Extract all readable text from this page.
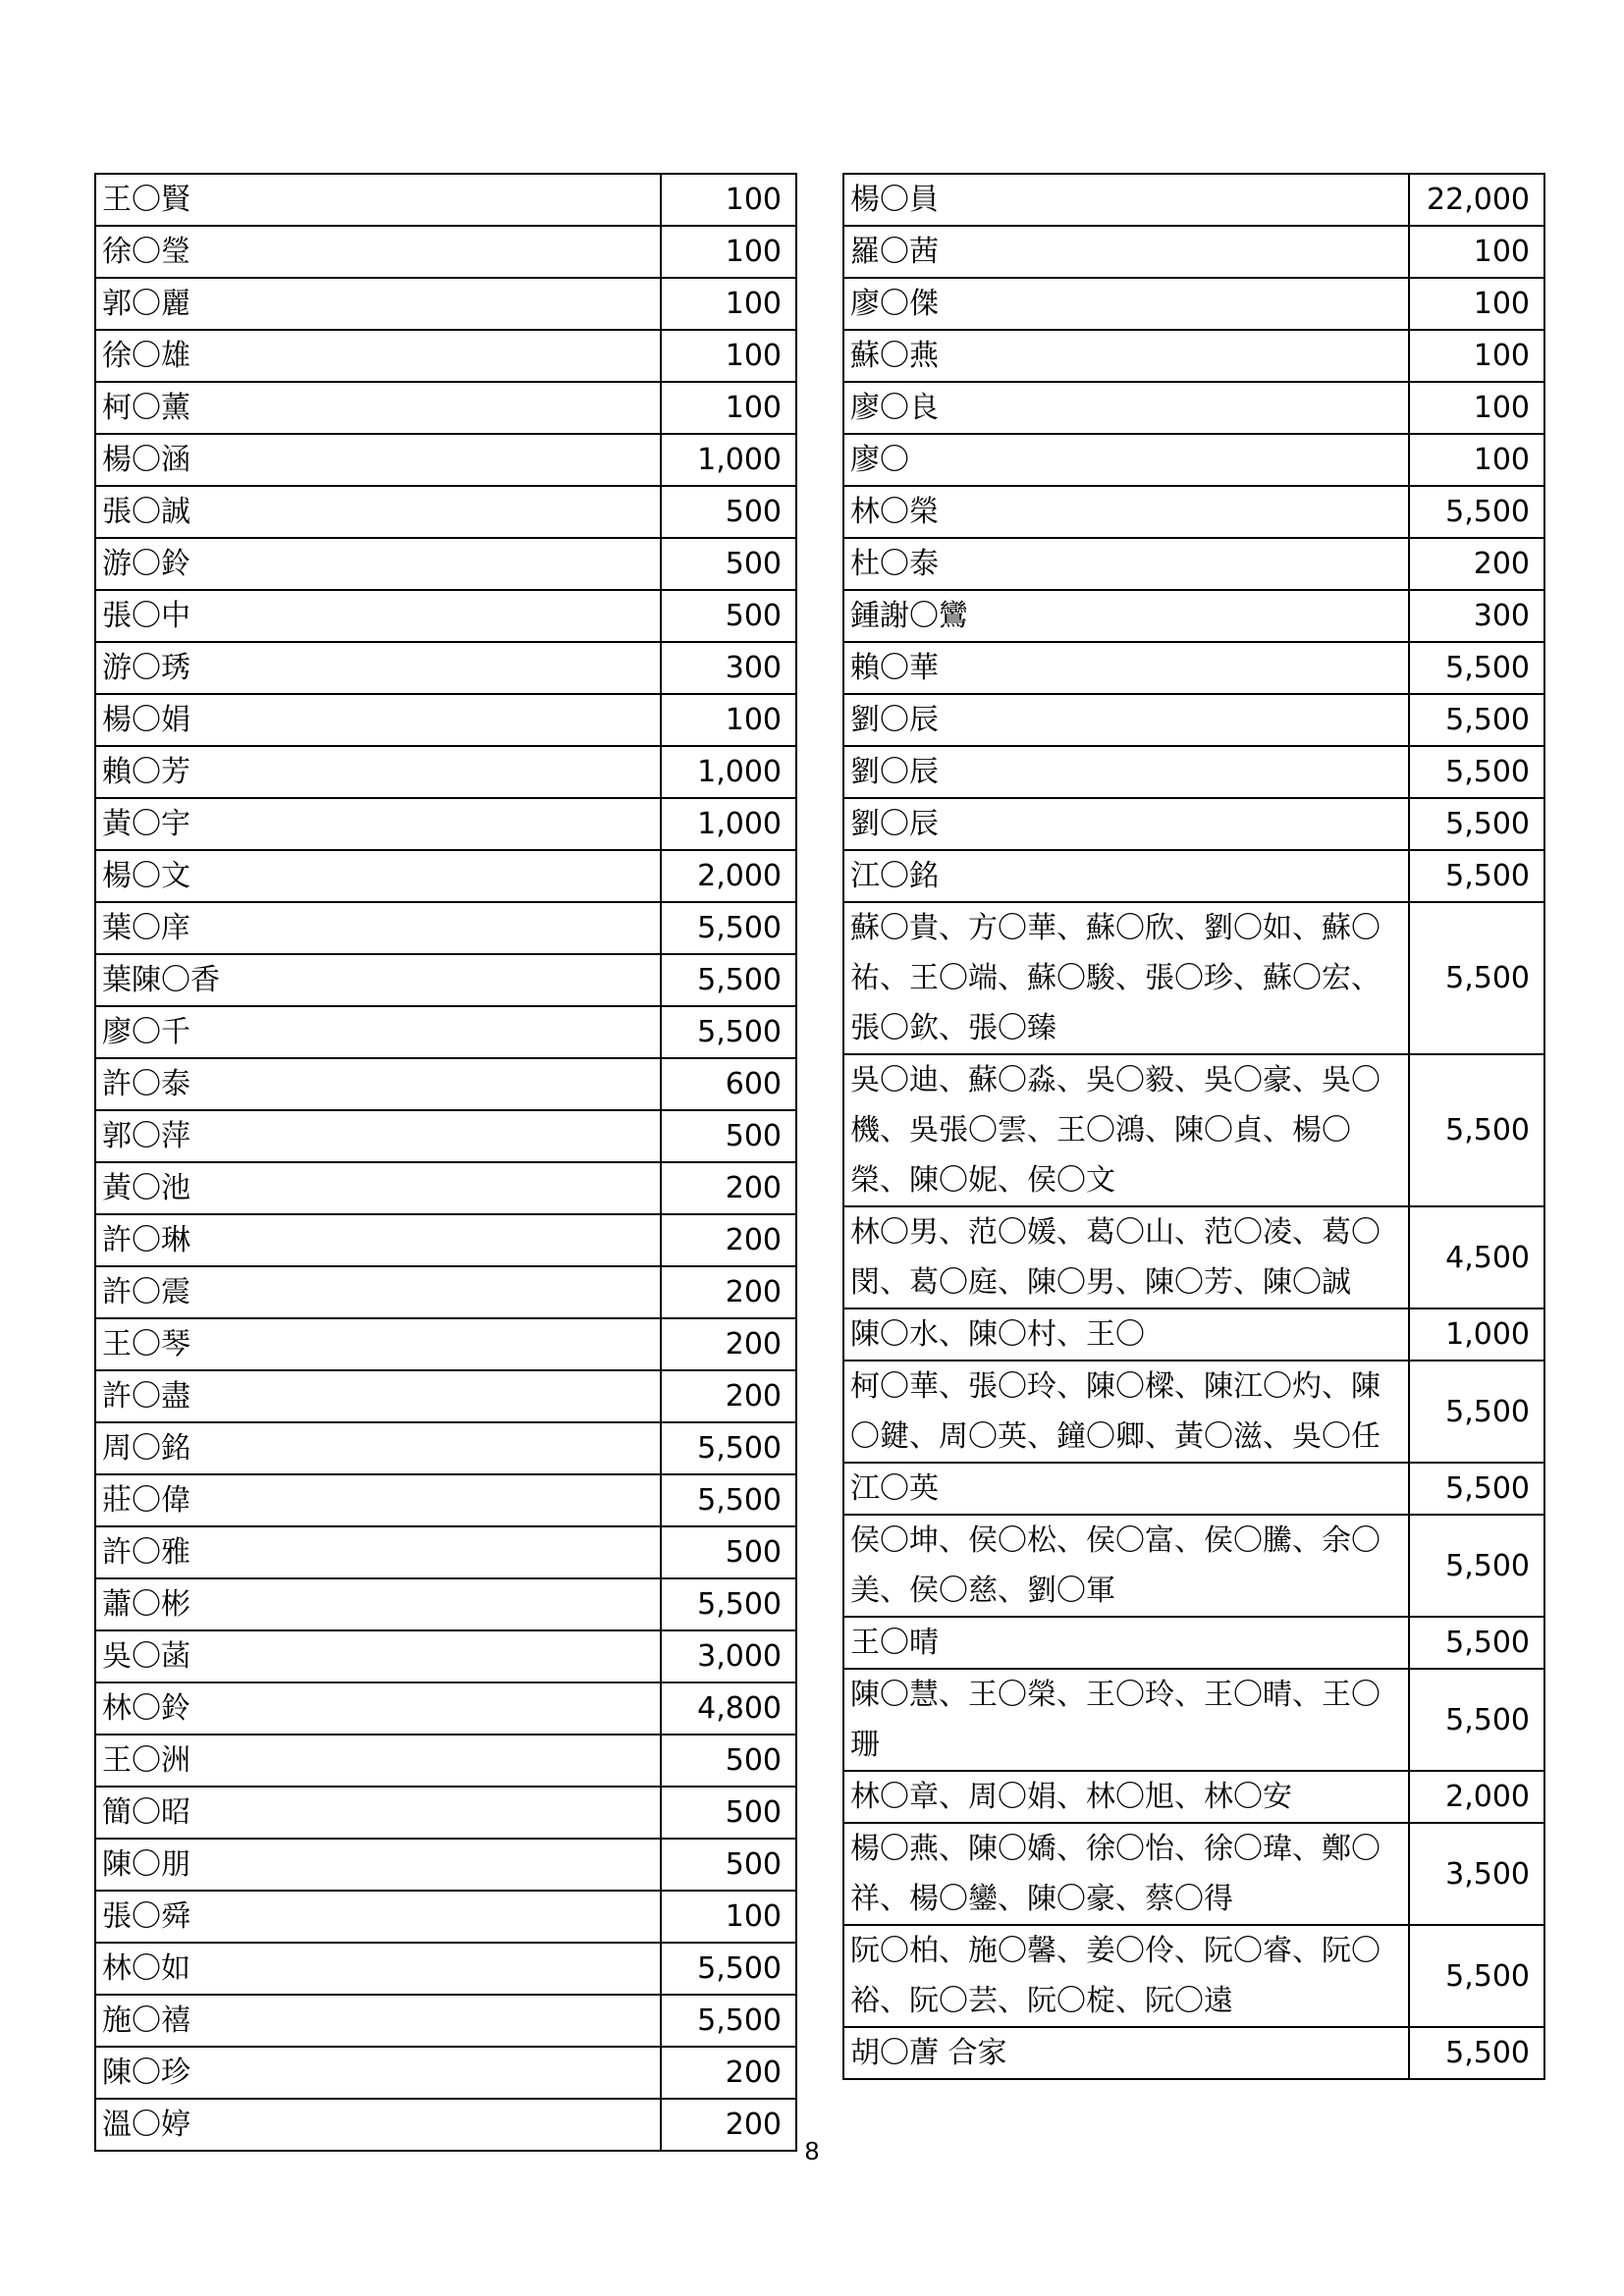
王〇賢	100
徐〇瑩	100
郭〇麗	100
徐〇雄	100
柯〇薰	100
楊〇涵	1,000
張〇誠	500
游〇鈴	500
張〇中	500
游〇琇	300
楊〇娟	100
賴〇芳	1,000
黃〇宇	1,000
楊〇文	2,000
葉〇庠	5,500
葉陳〇香	5,500
廖〇千	5,500
許〇泰	600
郭〇萍	500
黃〇池	200
許〇琳	200
許〇震	200
王〇琴	200
許〇盡	200
周〇銘	5,500
莊〇偉	5,500
許〇雅	500
蕭〇彬	5,500
吳〇菡	3,000
林〇鈴	4,800
王〇洲	500
簡〇昭	500
陳〇朋	500
張〇舜	100
林〇如	5,500
施〇禧	5,500
陳〇珍	200
溫〇婷	200
楊〇員	22,000
羅〇茜	100
廖〇傑	100
蘇〇燕	100
廖〇良	100
廖〇	100
林〇榮	5,500
杜〇泰	200
鍾謝〇鸞	300
賴〇華	5,500
劉〇辰	5,500
劉〇辰	5,500
劉〇辰	5,500
江〇銘	5,500
蘇〇貴、方〇華、蘇〇欣、劉〇如、蘇〇祐、王〇端、蘇〇駿、張〇珍、蘇〇宏、張〇欽、張〇臻	5,500
吳〇迪、蘇〇淼、吳〇毅、吳〇豪、吳〇機、吳張〇雲、王〇鴻、陳〇貞、楊〇榮、陳〇妮、侯〇文	5,500
林〇男、范〇媛、葛〇山、范〇凌、葛〇閔、葛〇庭、陳〇男、陳〇芳、陳〇誠	4,500
陳〇水、陳〇村、王〇	1,000
柯〇華、張〇玲、陳〇樑、陳江〇灼、陳〇鍵、周〇英、鐘〇卿、黃〇滋、吳〇任	5,500
江〇英	5,500
侯〇坤、侯〇松、侯〇富、侯〇騰、余〇美、侯〇慈、劉〇軍	5,500
王〇晴	5,500
陳〇慧、王〇榮、王〇玲、王〇晴、王〇珊	5,500
林〇章、周〇娟、林〇旭、林〇安	2,000
楊〇燕、陳〇嬌、徐〇怡、徐〇瑋、鄭〇祥、楊〇鑾、陳〇豪、蔡〇得	3,500
阮〇柏、施〇馨、姜〇伶、阮〇睿、阮〇裕、阮〇芸、阮〇椗、阮〇遠	5,500
胡〇蓎 合家	5,500
8
